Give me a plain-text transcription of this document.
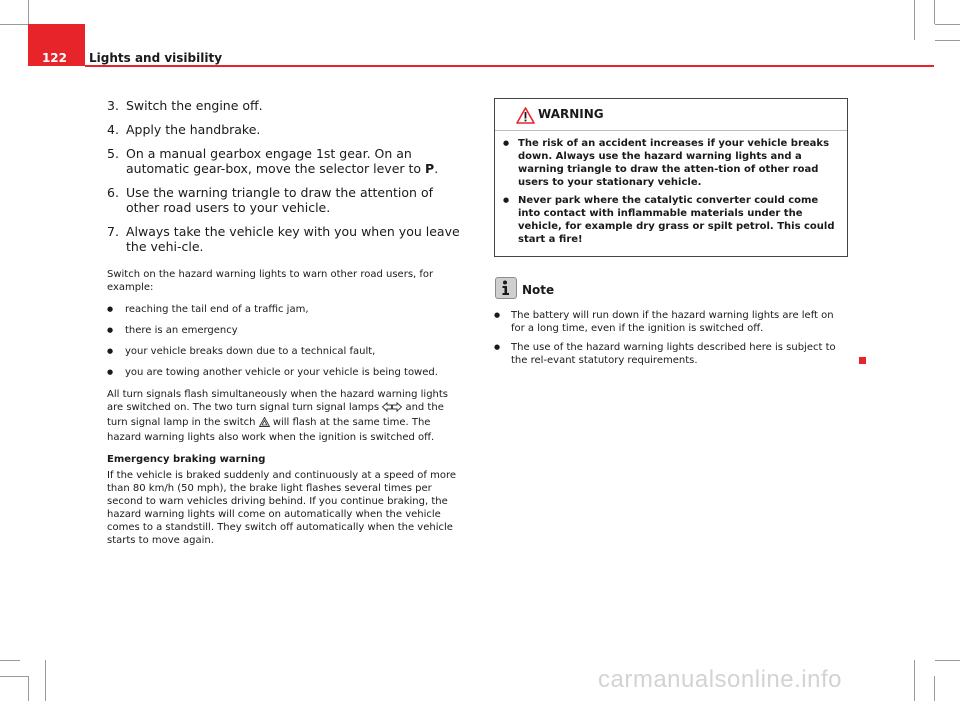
122	Lights and visibility
3. Switch the engine off.
4. Apply the handbrake.
5. On a manual gearbox engage 1st gear. On an automatic gear-box, move the selector lever to P.
6. Use the warning triangle to draw the attention of other road users to your vehicle.
7. Always take the vehicle key with you when you leave the vehi-cle.

Switch on the hazard warning lights to warn other road users, for example:

● reaching the tail end of a traffic jam,
● there is an emergency
● your vehicle breaks down due to a technical fault,
● you are towing another vehicle or your vehicle is being towed.

All turn signals flash simultaneously when the hazard warning lights are switched on. The two turn signal turn signal lamps  and the turn signal lamp in the switch  will flash at the same time. The hazard warning lights also work when the ignition is switched off.

Emergency braking warning

If the vehicle is braked suddenly and continuously at a speed of more than 80 km/h (50 mph), the brake light flashes several times per second to warn vehicles driving behind. If you continue braking, the hazard warning lights will come on automatically when the vehicle comes to a standstill. They switch off automatically when the vehicle starts to move again.

WARNING
● The risk of an accident increases if your vehicle breaks down. Always use the hazard warning lights and a warning triangle to draw the atten-tion of other road users to your stationary vehicle.
● Never park where the catalytic converter could come into contact with inflammable materials under the vehicle, for example dry grass or spilt petrol. This could start a fire!
Note
● The battery will run down if the hazard warning lights are left on for a long time, even if the ignition is switched off.
● The use of the hazard warning lights described here is subject to the rel-evant statutory requirements.
carmanualsonline.info
